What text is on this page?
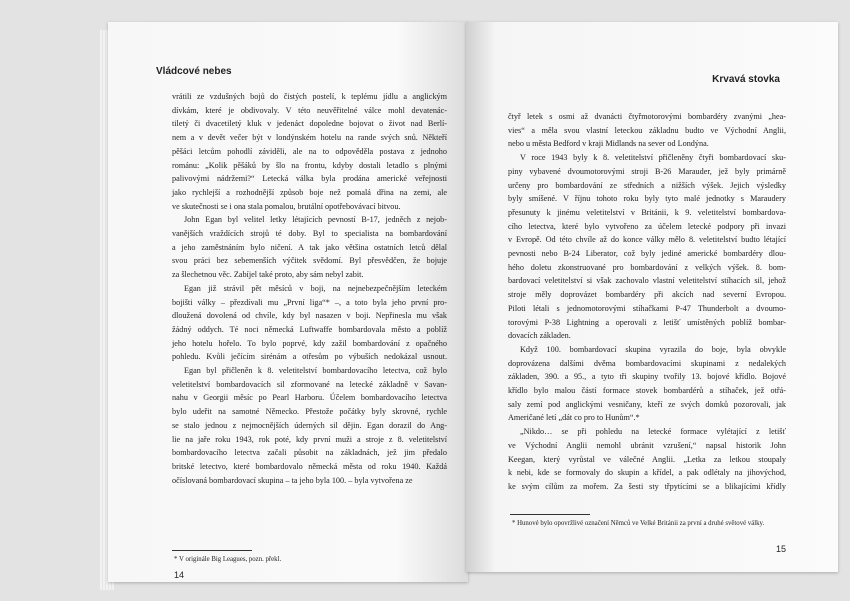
Vládcové nebes
vrátili ze vzdušných bojů do čistých postelí, k teplému jídlu a anglickým
dívkám, které je obdivovaly. V této neuvěřitelné válce mohl devatenác-
tiletý či dvacetiletý kluk v jedenáct dopoledne bojovat o život nad Berlí-
nem a v devět večer být v londýnském hotelu na rande svých snů. Někteří
pěšáci letcům pohodlí záviděli, ale na to odpověděla postava z jednoho
románu: „Kolik pěšáků by šlo na frontu, kdyby dostali letadlo s plnými
palivovými nádržemi?“ Letecká válka byla prodána americké veřejnosti
jako rychlejší a rozhodnější způsob boje než pomalá dřina na zemi, ale
ve skutečnosti se i ona stala pomalou, brutální opotřebovávací bitvou.
John Egan byl velitel letky létajících pevností B-17, jedněch z nejob-
vanějších vraždících strojů té doby. Byl to specialista na bombardování
a jeho zaměstnáním bylo ničení. A tak jako většina ostatních letců dělal
svou práci bez sebemenších výčitek svědomí. Byl přesvědčen, že bojuje
za šlechetnou věc. Zabíjel také proto, aby sám nebyl zabit.
Egan již strávil pět měsíců v boji, na nejnebezpečnějším leteckém
bojišti války – přezdívali mu „První liga“* –, a toto byla jeho první pro-
dloužená dovolená od chvíle, kdy byl nasazen v boji. Nepřinesla mu však
žádný oddych. Té noci německá Luftwaffe bombardovala město a poblíž
jeho hotelu hořelo. To bylo poprvé, kdy zažil bombardování z opačného
pohledu. Kvůli ječícím sirénám a otřesům po výbuších nedokázal usnout.
Egan byl přičleněn k 8. veletitelství bombardovacího letectva, což bylo
veletitelství bombardovacích sil zformované na letecké základně v Savan-
nahu v Georgii měsíc po Pearl Harboru. Účelem bombardovacího letectva
bylo udeřit na samotné Německo. Přestože počátky byly skrovné, rychle
se stalo jednou z nejmocnějších úderných sil dějin. Egan dorazil do Ang-
lie na jaře roku 1943, rok poté, kdy první muži a stroje z 8. veletitelství
bombardovacího letectva začali působit na základnách, jež jim předalo
britské letectvo, které bombardovalo německá města od roku 1940. Každá
očíslovaná bombardovací skupina – ta jeho byla 100. – byla vytvořena ze
* V originále Big Leagues, pozn. překl.
14
Krvavá stovka
čtyř letek s osmi až dvanácti čtyřmotorovými bombardéry zvanými „hea-
vies“ a měla svou vlastní leteckou základnu budto ve Východní Anglii,
nebo u města Bedford v kraji Midlands na sever od Londýna.
V roce 1943 byly k 8. veletitelství přičleněny čtyři bombardovací sku-
piny vybavené dvoumotorovými stroji B-26 Marauder, jež byly primárně
určeny pro bombardování ze středních a nižších výšek. Jejich výsledky
byly smíšené. V říjnu tohoto roku byly tyto malé jednotky s Maraudery
přesunuty k jinému veletitelství v Británii, k 9. veletitelství bombardova-
cího letectva, které bylo vytvořeno za účelem letecké podpory při invazi
v Evropě. Od této chvíle až do konce války mělo 8. veletitelství budto létající
pevnosti nebo B-24 Liberator, což byly jediné americké bombardéry dlou-
hého doletu zkonstruované pro bombardování z velkých výšek. 8. bom-
bardovací veletitelství si však zachovalo vlastní veletitelství stíhacích sil, jehož
stroje měly doprovázet bombardéry při akcích nad severní Evropou.
Piloti létali s jednomotorovými stíhačkami P-47 Thunderbolt a dvoumo-
torovými P-38 Lightning a operovali z letišť umístěných poblíž bombar-
dovacích základen.
Když 100. bombardovací skupina vyrazila do boje, byla obvykle
doprovázena dalšími dvěma bombardovacími skupinami z nedalekých
základen, 390. a 95., a tyto tři skupiny tvořily 13. bojové křídlo. Bojové
křídlo bylo malou částí formace stovek bombardérů a stíhaček, jež otřá-
saly zemí pod anglickými vesničany, kteří ze svých domků pozorovali, jak
Američané letí „dát co pro to Hunům“.*
„Nikdo… se při pohledu na letecké formace vylétající z letišť
ve Východní Anglii nemohl ubránit vzrušení,“ napsal historik John
Keegan, který vyrůstal ve válečné Anglii. „Letka za letkou stoupaly
k nebi, kde se formovaly do skupin a křídel, a pak odlétaly na jihovýchod,
ke svým cílům za mořem. Za šesti sty třpytícími se a blikajícími křídly
* Hunové bylo opovržlivé označení Němců ve Velké Británii za první a druhé světové války.
15
